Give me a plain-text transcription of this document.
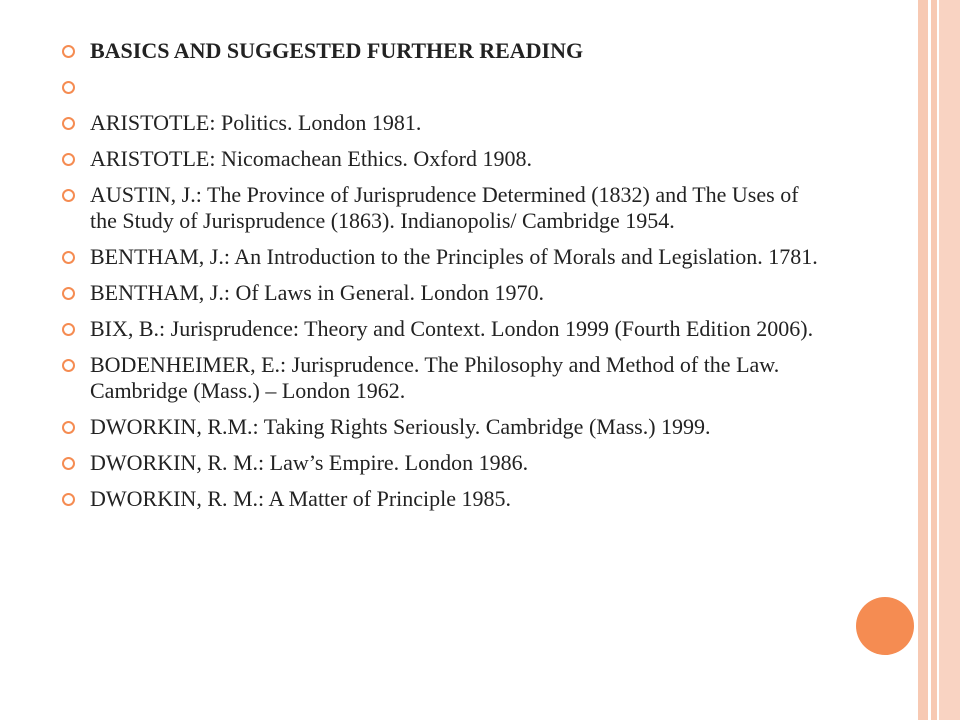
BASICS AND SUGGESTED FURTHER READING
ARISTOTLE: Politics. London 1981.
ARISTOTLE: Nicomachean Ethics. Oxford 1908.
AUSTIN, J.: The Province of Jurisprudence Determined (1832) and The Uses of the Study of Jurisprudence (1863). Indianopolis/ Cambridge 1954.
BENTHAM, J.: An Introduction to the Principles of Morals and Legislation. 1781.
BENTHAM, J.: Of Laws in General. London 1970.
BIX, B.: Jurisprudence: Theory and Context. London 1999 (Fourth Edition 2006).
BODENHEIMER, E.: Jurisprudence. The Philosophy and Method of the Law. Cambridge (Mass.) – London 1962.
DWORKIN, R.M.: Taking Rights Seriously. Cambridge (Mass.) 1999.
DWORKIN, R. M.: Law’s Empire. London 1986.
DWORKIN, R. M.: A Matter of Principle 1985.
